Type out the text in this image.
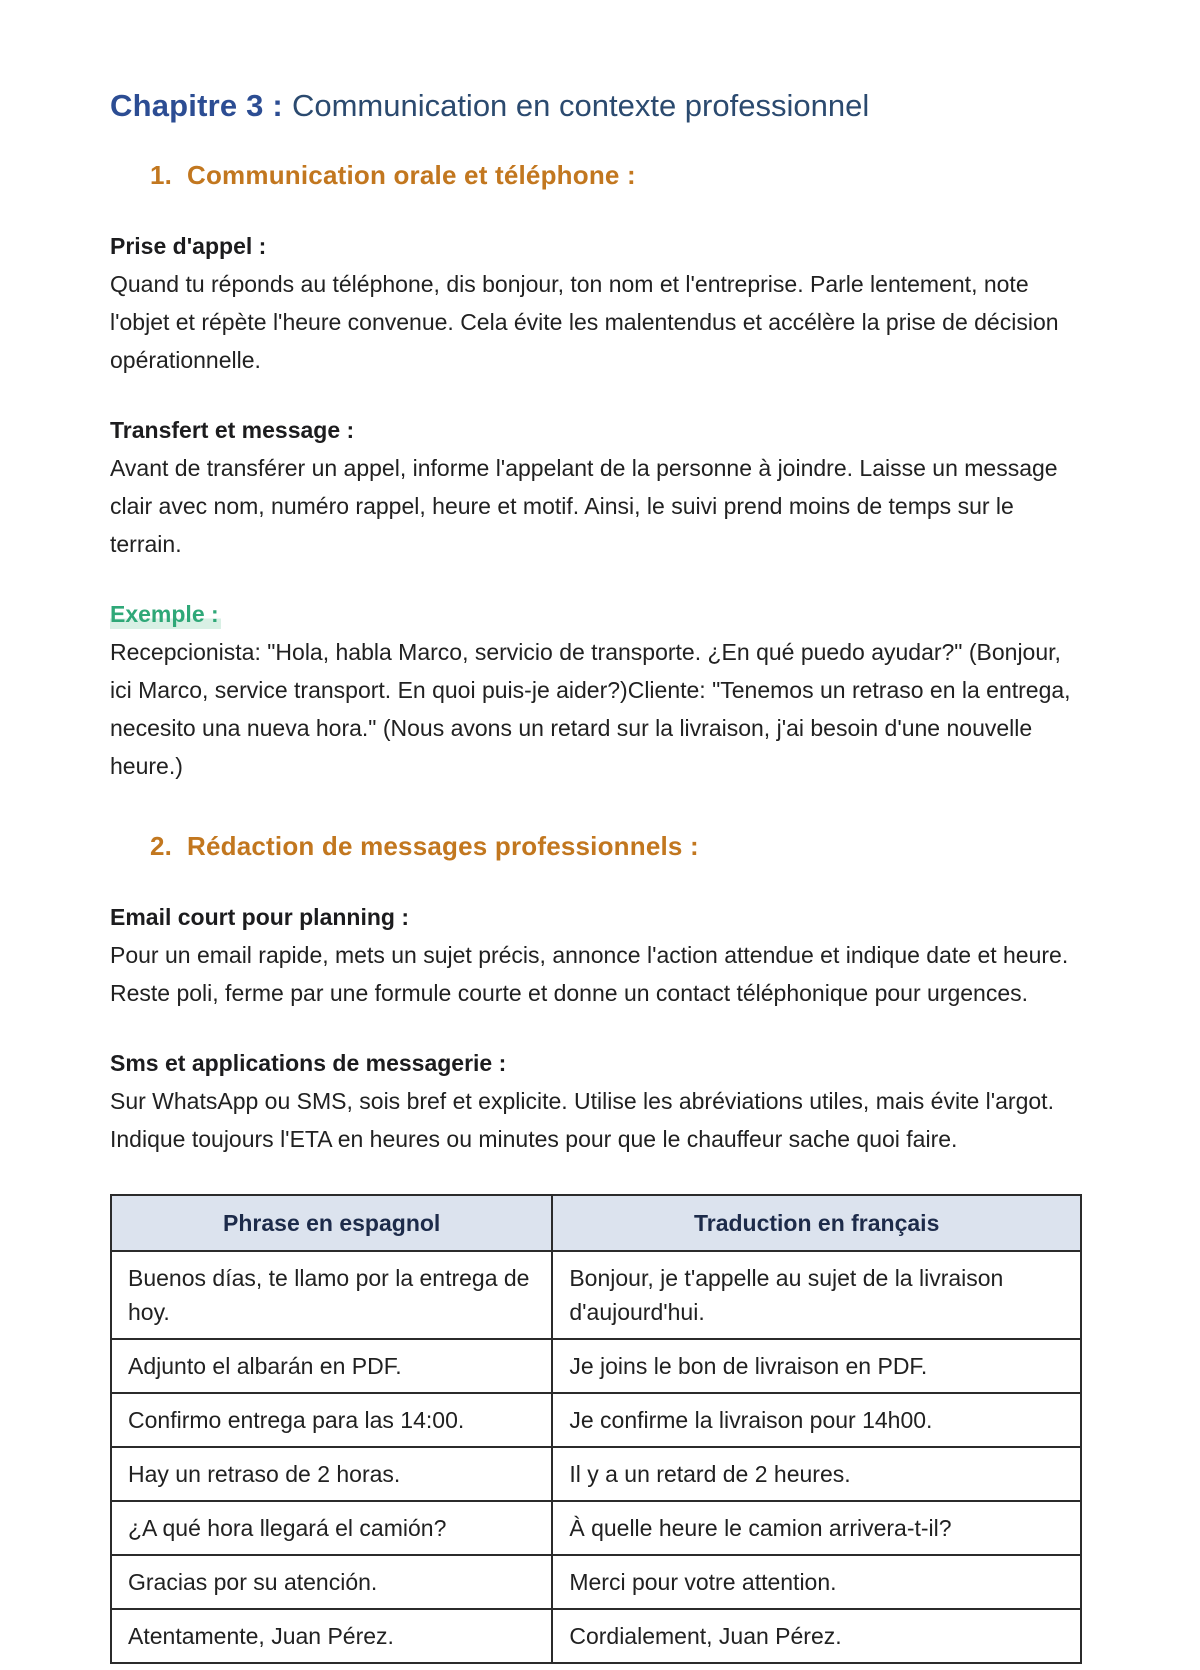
Chapitre 3 : Communication en contexte professionnel
1. Communication orale et téléphone :
Prise d'appel :

Quand tu réponds au téléphone, dis bonjour, ton nom et l'entreprise. Parle lentement, note l'objet et répète l'heure convenue. Cela évite les malentendus et accélère la prise de décision opérationnelle.

Transfert et message :

Avant de transférer un appel, informe l'appelant de la personne à joindre. Laisse un message clair avec nom, numéro rappel, heure et motif. Ainsi, le suivi prend moins de temps sur le terrain.

Exemple :

Recepcionista: "Hola, habla Marco, servicio de transporte. ¿En qué puedo ayudar?" (Bonjour, ici Marco, service transport. En quoi puis-je aider?)Cliente: "Tenemos un retraso en la entrega, necesito una nueva hora." (Nous avons un retard sur la livraison, j'ai besoin d'une nouvelle heure.)

2. Rédaction de messages professionnels :
Email court pour planning :

Pour un email rapide, mets un sujet précis, annonce l'action attendue et indique date et heure. Reste poli, ferme par une formule courte et donne un contact téléphonique pour urgences.

Sms et applications de messagerie :

Sur WhatsApp ou SMS, sois bref et explicite. Utilise les abréviations utiles, mais évite l'argot. Indique toujours l'ETA en heures ou minutes pour que le chauffeur sache quoi faire.

Phrase en espagnol	Traduction en français
Buenos días, te llamo por la entrega de hoy.	Bonjour, je t'appelle au sujet de la livraison d'aujourd'hui.
Adjunto el albarán en PDF.	Je joins le bon de livraison en PDF.
Confirmo entrega para las 14:00.	Je confirme la livraison pour 14h00.
Hay un retraso de 2 horas.	Il y a un retard de 2 heures.
¿A qué hora llegará el camión?	À quelle heure le camion arrivera-t-il?
Gracias por su atención.	Merci pour votre attention.
Atentamente, Juan Pérez.	Cordialement, Juan Pérez.
